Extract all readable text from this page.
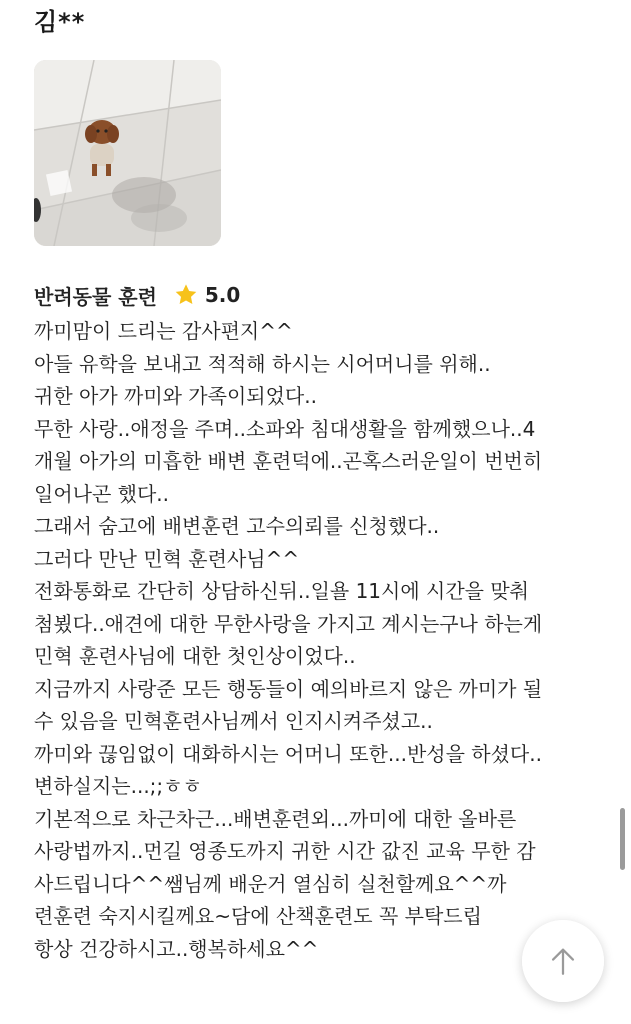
김**
반려동물 훈련 5.0
까미맘이 드리는 감사편지^^
아들 유학을 보내고 적적해 하시는 시어머니를 위해..
귀한 아가 까미와 가족이되었다..
무한 사랑..애정을 주며..소파와 침대생활을 함께했으나..4
개월 아가의 미흡한 배변 훈련덕에..곤혹스러운일이 번번히
일어나곤 했다..
그래서 숨고에 배변훈련 고수의뢰를 신청했다..
그러다 만난 민혁 훈련사님^^
전화통화로 간단히 상담하신뒤..일욜 11시에 시간을 맞춰
첨뵜다..애견에 대한 무한사랑을 가지고 계시는구나 하는게
민혁 훈련사님에 대한 첫인상이었다..
지금까지 사랑준 모든 행동들이 예의바르지 않은 까미가 될
수 있음을 민혁훈련사님께서 인지시켜주셨고..
까미와 끊임없이 대화하시는 어머니 또한...반성을 하셨다..
변하실지는...;;ㅎㅎ
기본적으로 차근차근...배변훈련외...까미에 대한 올바른
사랑법까지..먼길 영종도까지 귀한 시간 값진 교육 무한 감
사드립니다^^쌤님께 배운거 열심히 실천할께요^^까
련훈련 숙지시킬께요~담에 산책훈련도 꼭 부탁드립
항상 건강하시고..행복하세요^^
